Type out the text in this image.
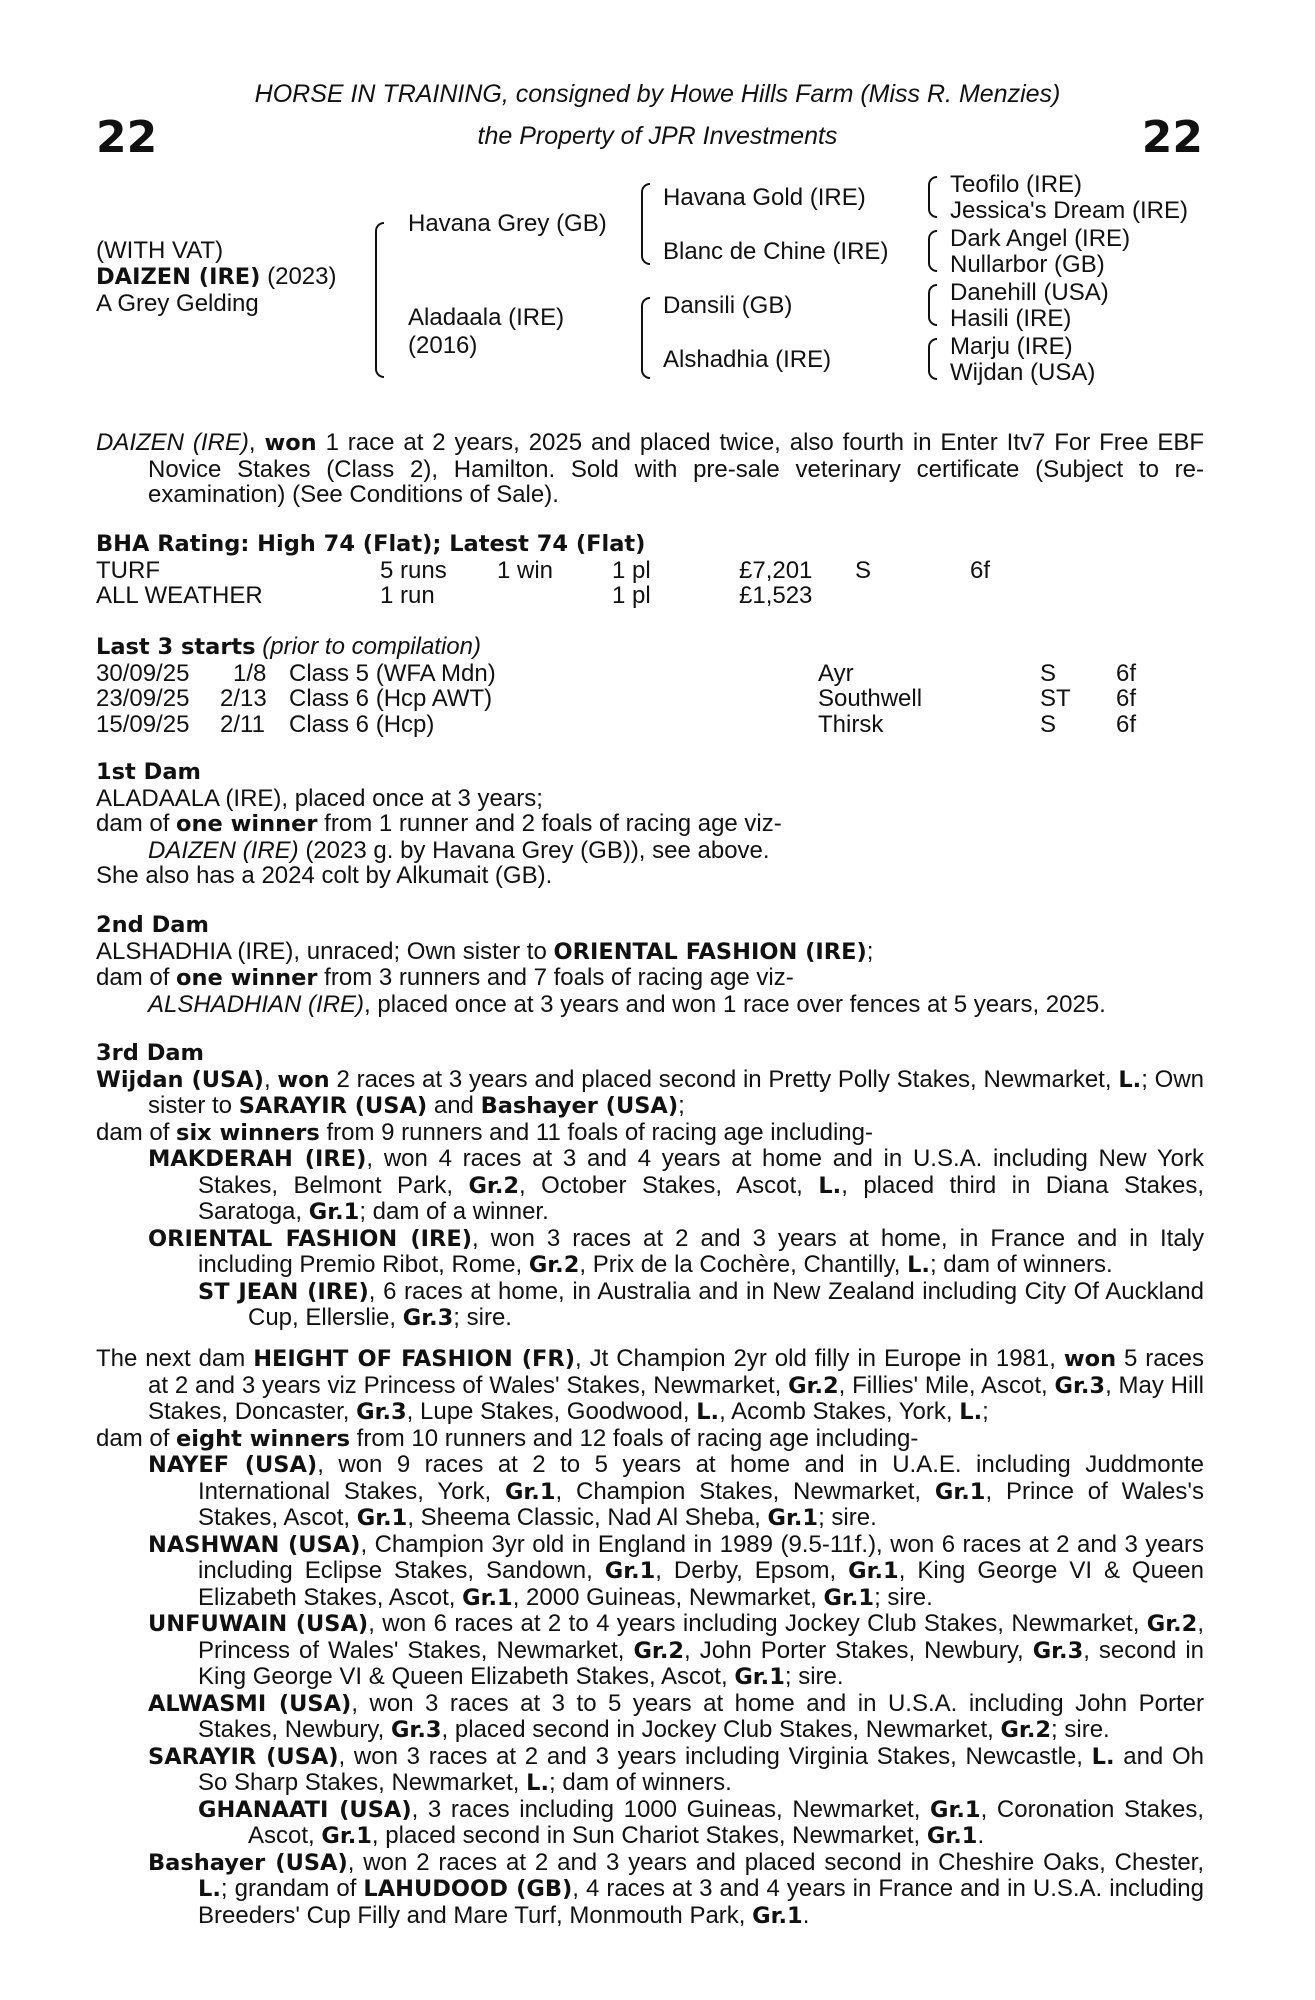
22	22
HORSE IN TRAINING, consigned by Howe Hills Farm (Miss R. Menzies)
the Property of JPR Investments
(WITH VAT)
DAIZEN (IRE) (2023)
A Grey Gelding
Havana Grey (GB)
Aladaala (IRE)
(2016)
Havana Gold (IRE)
Blanc de Chine (IRE)
Dansili (GB)
Alshadhia (IRE)
Teofilo (IRE)
Jessica's Dream (IRE)
Dark Angel (IRE)
Nullarbor (GB)
Danehill (USA)
Hasili (IRE)
Marju (IRE)
Wijdan (USA)

DAIZEN (IRE), won 1 race at 2 years, 2025 and placed twice, also fourth in Enter Itv7 For Free EBF Novice Stakes (Class 2), Hamilton. Sold with pre-sale veterinary certificate (Subject to re-examination) (See Conditions of Sale).

BHA Rating: High 74 (Flat); Latest 74 (Flat)
TURF	5 runs 1 win 1 pl	£7,201 S	6f
ALL WEATHER	1 run	1 pl	£1,523
Last 3 starts (prior to compilation)
30/09/25 1/8 Class 5 (WFA Mdn)	Ayr	S 6f
23/09/25 2/13 Class 6 (Hcp AWT)	Southwell	ST 6f
15/09/25 2/11 Class 6 (Hcp)	Thirsk	S 6f
1st Dam
ALADAALA (IRE), placed once at 3 years;
dam of one winner from 1 runner and 2 foals of racing age viz-
DAIZEN (IRE) (2023 g. by Havana Grey (GB)), see above.
She also has a 2024 colt by Alkumait (GB).
2nd Dam
ALSHADHIA (IRE), unraced; Own sister to ORIENTAL FASHION (IRE);
dam of one winner from 3 runners and 7 foals of racing age viz-
ALSHADHIAN (IRE), placed once at 3 years and won 1 race over fences at 5 years, 2025.
3rd Dam

Wijdan (USA), won 2 races at 3 years and placed second in Pretty Polly Stakes, Newmarket, L.; Own sister to SARAYIR (USA) and Bashayer (USA);

dam of six winners from 9 runners and 11 foals of racing age including-

MAKDERAH (IRE), won 4 races at 3 and 4 years at home and in U.S.A. including New York Stakes, Belmont Park, Gr.2, October Stakes, Ascot, L., placed third in Diana Stakes, Saratoga, Gr.1; dam of a winner.

ORIENTAL FASHION (IRE), won 3 races at 2 and 3 years at home, in France and in Italy including Premio Ribot, Rome, Gr.2, Prix de la Cochère, Chantilly, L.; dam of winners.

ST JEAN (IRE), 6 races at home, in Australia and in New Zealand including City Of Auckland Cup, Ellerslie, Gr.3; sire.

The next dam HEIGHT OF FASHION (FR), Jt Champion 2yr old filly in Europe in 1981, won 5 races at 2 and 3 years viz Princess of Wales' Stakes, Newmarket, Gr.2, Fillies' Mile, Ascot, Gr.3, May Hill Stakes, Doncaster, Gr.3, Lupe Stakes, Goodwood, L., Acomb Stakes, York, L.;

dam of eight winners from 10 runners and 12 foals of racing age including-

NAYEF (USA), won 9 races at 2 to 5 years at home and in U.A.E. including Juddmonte International Stakes, York, Gr.1, Champion Stakes, Newmarket, Gr.1, Prince of Wales's Stakes, Ascot, Gr.1, Sheema Classic, Nad Al Sheba, Gr.1; sire.

NASHWAN (USA), Champion 3yr old in England in 1989 (9.5-11f.), won 6 races at 2 and 3 years including Eclipse Stakes, Sandown, Gr.1, Derby, Epsom, Gr.1, King George VI & Queen Elizabeth Stakes, Ascot, Gr.1, 2000 Guineas, Newmarket, Gr.1; sire.

UNFUWAIN (USA), won 6 races at 2 to 4 years including Jockey Club Stakes, Newmarket, Gr.2, Princess of Wales' Stakes, Newmarket, Gr.2, John Porter Stakes, Newbury, Gr.3, second in King George VI & Queen Elizabeth Stakes, Ascot, Gr.1; sire.

ALWASMI (USA), won 3 races at 3 to 5 years at home and in U.S.A. including John Porter Stakes, Newbury, Gr.3, placed second in Jockey Club Stakes, Newmarket, Gr.2; sire.

SARAYIR (USA), won 3 races at 2 and 3 years including Virginia Stakes, Newcastle, L. and Oh So Sharp Stakes, Newmarket, L.; dam of winners.

GHANAATI (USA), 3 races including 1000 Guineas, Newmarket, Gr.1, Coronation Stakes, Ascot, Gr.1, placed second in Sun Chariot Stakes, Newmarket, Gr.1.

Bashayer (USA), won 2 races at 2 and 3 years and placed second in Cheshire Oaks, Chester, L.; grandam of LAHUDOOD (GB), 4 races at 3 and 4 years in France and in U.S.A. including Breeders' Cup Filly and Mare Turf, Monmouth Park, Gr.1.
